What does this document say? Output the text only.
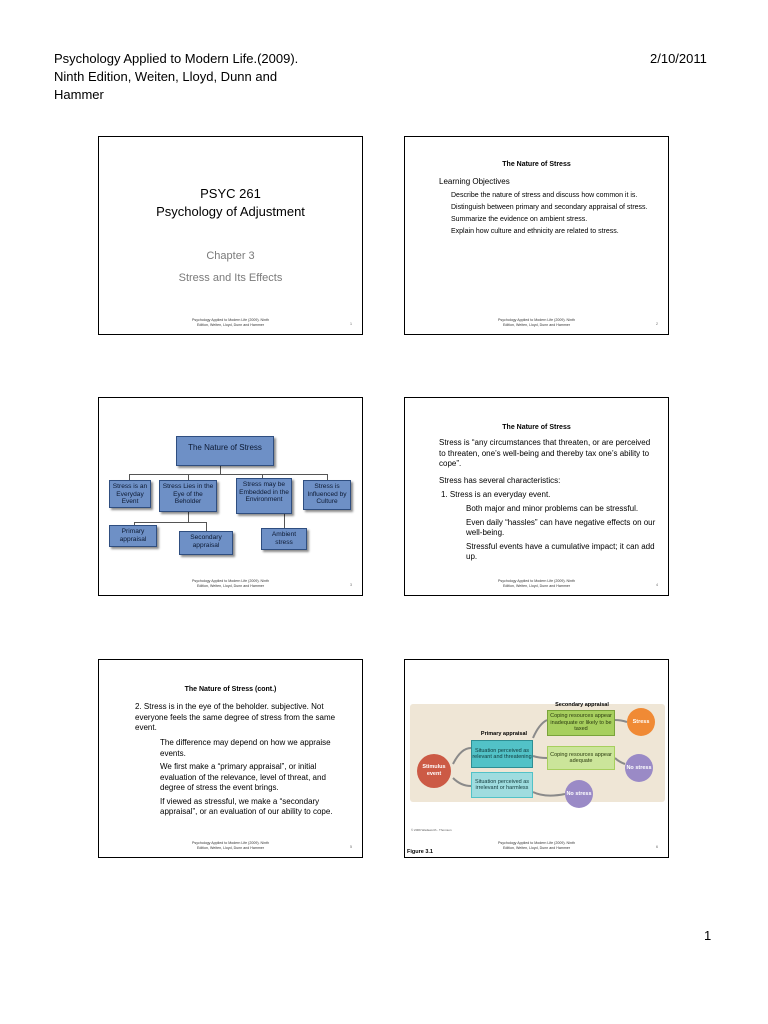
Psychology Applied to Modern Life.(2009).
Ninth Edition, Weiten, Lloyd, Dunn and
Hammer
2/10/2011
PSYC 261
Psychology of Adjustment
Chapter 3
Stress and Its Effects
Psychology Applied to Modern Life (2009). Ninth
Edition, Weiten, Lloyd, Dunn and Hammer	1
The Nature of Stress
Learning Objectives
Describe the nature of stress and discuss how common it is.
Distinguish between primary and secondary appraisal of stress.
Summarize the evidence on ambient stress.
Explain how culture and ethnicity are related to stress.
Psychology Applied to Modern Life (2009). Ninth
Edition, Weiten, Lloyd, Dunn and Hammer	2
The Nature of Stress
Stress is an Everyday Event
Stress Lies in the Eye of the Beholder
Stress may be Embedded in the Environment
Stress is Influenced by Culture
Primary appraisal	Secondary appraisal
Ambient stress
Psychology Applied to Modern Life (2009). Ninth
Edition, Weiten, Lloyd, Dunn and Hammer	3
The Nature of Stress
Stress is “any circumstances that threaten, or are perceived to threaten, one’s well-being and thereby tax one’s ability to cope”.
Stress has several characteristics:
1. Stress is an everyday event.
Both major and minor problems can be stressful.
Even daily “hassles” can have negative effects on our well-being.
Stressful events have a cumulative impact; it can add up.
Psychology Applied to Modern Life (2009). Ninth
Edition, Weiten, Lloyd, Dunn and Hammer	4
The Nature of Stress (cont.)
2. Stress is in the eye of the beholder. subjective. Not everyone feels the same degree of stress from the same event.
The difference may depend on how we appraise events.
We first make a “primary appraisal”, or initial evaluation of the relevance, level of threat, and degree of stress the event brings.
If viewed as stressful, we make a “secondary appraisal”, or an evaluation of our ability to cope.
Psychology Applied to Modern Life (2009). Ninth
Edition, Weiten, Lloyd, Dunn and Hammer	5
Secondary appraisal
Primary appraisal
Stimulus event
Situation perceived as relevant and threatening
Situation perceived as irrelevant or harmless
Coping resources appear inadequate or likely to be taxed
Coping resources appear adequate
Stress
No stress
No stress
© 2009 Wadsworth - Thomson
Psychology Applied to Modern Life (2009). Ninth
Edition, Weiten, Lloyd, Dunn and Hammer	6
Figure 3.1
1
